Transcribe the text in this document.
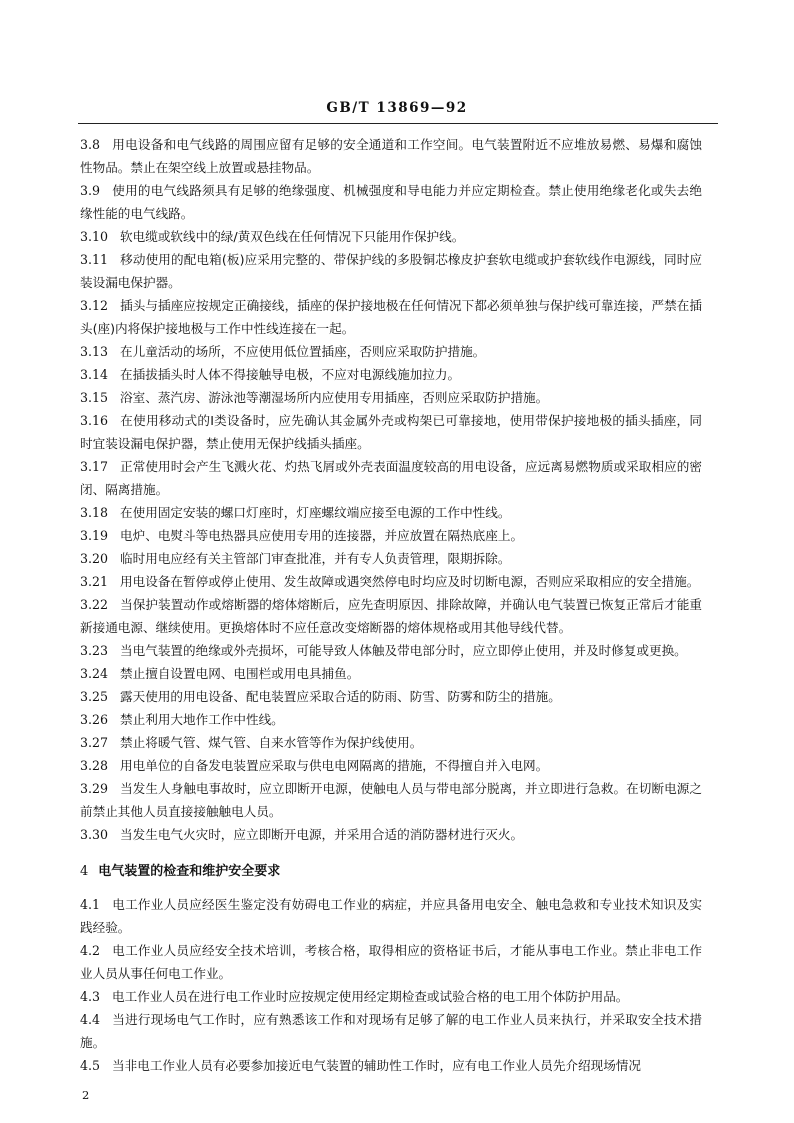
GB/T 13869—92

3.8 用电设备和电气线路的周围应留有足够的安全通道和工作空间。电气装置附近不应堆放易燃、易爆和腐蚀性物品。禁止在架空线上放置或悬挂物品。

3.9 使用的电气线路须具有足够的绝缘强度、机械强度和导电能力并应定期检查。禁止使用绝缘老化或失去绝缘性能的电气线路。

3.10 软电缆或软线中的绿/黄双色线在任何情况下只能用作保护线。

3.11 移动使用的配电箱(板)应采用完整的、带保护线的多股铜芯橡皮护套软电缆或护套软线作电源线，同时应装设漏电保护器。

3.12 插头与插座应按规定正确接线，插座的保护接地极在任何情况下都必须单独与保护线可靠连接，严禁在插头(座)内将保护接地极与工作中性线连接在一起。

3.13 在儿童活动的场所，不应使用低位置插座，否则应采取防护措施。

3.14 在插拔插头时人体不得接触导电极，不应对电源线施加拉力。

3.15 浴室、蒸汽房、游泳池等潮湿场所内应使用专用插座，否则应采取防护措施。

3.16 在使用移动式的Ⅰ类设备时，应先确认其金属外壳或构架已可靠接地，使用带保护接地极的插头插座，同时宜装设漏电保护器，禁止使用无保护线插头插座。

3.17 正常使用时会产生飞溅火花、灼热飞屑或外壳表面温度较高的用电设备，应远离易燃物质或采取相应的密闭、隔离措施。

3.18 在使用固定安装的螺口灯座时，灯座螺纹端应接至电源的工作中性线。

3.19 电炉、电熨斗等电热器具应使用专用的连接器，并应放置在隔热底座上。

3.20 临时用电应经有关主管部门审查批准，并有专人负责管理，限期拆除。

3.21 用电设备在暂停或停止使用、发生故障或遇突然停电时均应及时切断电源，否则应采取相应的安全措施。

3.22 当保护装置动作或熔断器的熔体熔断后，应先查明原因、排除故障，并确认电气装置已恢复正常后才能重新接通电源、继续使用。更换熔体时不应任意改变熔断器的熔体规格或用其他导线代替。

3.23 当电气装置的绝缘或外壳损坏，可能导致人体触及带电部分时，应立即停止使用，并及时修复或更换。

3.24 禁止擅自设置电网、电围栏或用电具捕鱼。

3.25 露天使用的用电设备、配电装置应采取合适的防雨、防雪、防雾和防尘的措施。

3.26 禁止利用大地作工作中性线。

3.27 禁止将暖气管、煤气管、自来水管等作为保护线使用。

3.28 用电单位的自备发电装置应采取与供电电网隔离的措施，不得擅自并入电网。

3.29 当发生人身触电事故时，应立即断开电源，使触电人员与带电部分脱离，并立即进行急救。在切断电源之前禁止其他人员直接接触触电人员。

3.30 当发生电气火灾时，应立即断开电源，并采用合适的消防器材进行灭火。

4 电气装置的检查和维护安全要求

4.1 电工作业人员应经医生鉴定没有妨碍电工作业的病症，并应具备用电安全、触电急救和专业技术知识及实践经验。

4.2 电工作业人员应经安全技术培训，考核合格，取得相应的资格证书后，才能从事电工作业。禁止非电工作业人员从事任何电工作业。

4.3 电工作业人员在进行电工作业时应按规定使用经定期检查或试验合格的电工用个体防护用品。

4.4 当进行现场电气工作时，应有熟悉该工作和对现场有足够了解的电工作业人员来执行，并采取安全技术措施。

4.5 当非电工作业人员有必要参加接近电气装置的辅助性工作时，应有电工作业人员先介绍现场情况

2
